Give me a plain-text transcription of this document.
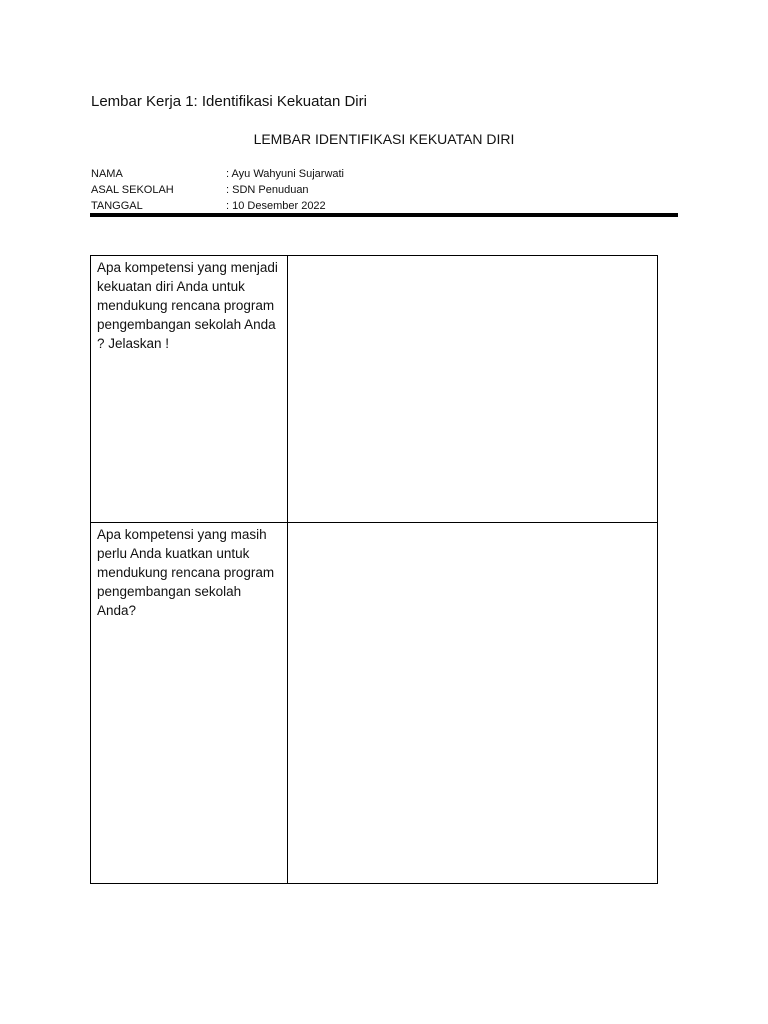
Lembar Kerja 1: Identifikasi Kekuatan Diri
LEMBAR IDENTIFIKASI KEKUATAN DIRI
NAMA	: Ayu Wahyuni Sujarwati
ASAL SEKOLAH	: SDN Penuduan
TANGGAL	: 10 Desember 2022
Apa kompetensi yang menjadi kekuatan diri Anda untuk mendukung rencana program pengembangan sekolah Anda ? Jelaskan !	
Apa kompetensi yang masih perlu Anda kuatkan untuk mendukung rencana program pengembangan sekolah Anda?	
